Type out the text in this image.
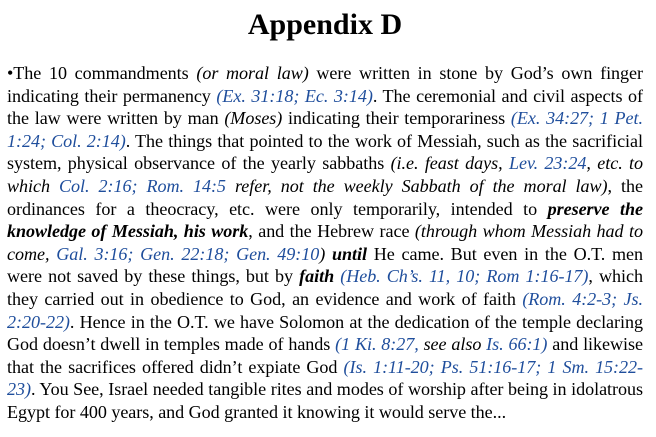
Appendix D
•The 10 commandments (or moral law) were written in stone by God’s own finger indicating their permanency (Ex. 31:18; Ec. 3:14). The ceremonial and civil aspects of the law were written by man (Moses) indicating their temporariness (Ex. 34:27; 1 Pet. 1:24; Col. 2:14). The things that pointed to the work of Messiah, such as the sacrificial system, physical observance of the yearly sabbaths (i.e. feast days, Lev. 23:24, etc. to which Col. 2:16; Rom. 14:5 refer, not the weekly Sabbath of the moral law), the ordinances for a theocracy, etc. were only temporarily, intended to preserve the knowledge of Messiah, his work, and the Hebrew race (through whom Messiah had to come, Gal. 3:16; Gen. 22:18; Gen. 49:10) until He came. But even in the O.T. men were not saved by these things, but by faith (Heb. Ch’s. 11, 10; Rom 1:16-17), which they carried out in obedience to God, an evidence and work of faith (Rom. 4:2-3; Js. 2:20-22). Hence in the O.T. we have Solomon at the dedication of the temple declaring God doesn’t dwell in temples made of hands (1 Ki. 8:27, see also Is. 66:1) and likewise that the sacrifices offered didn’t expiate God (Is. 1:11-20; Ps. 51:16-17; 1 Sm. 15:22-23). You See, Israel needed tangible rites and modes of worship after being in idolatrous Egypt for 400 years, and God granted it knowing it would serve the...
